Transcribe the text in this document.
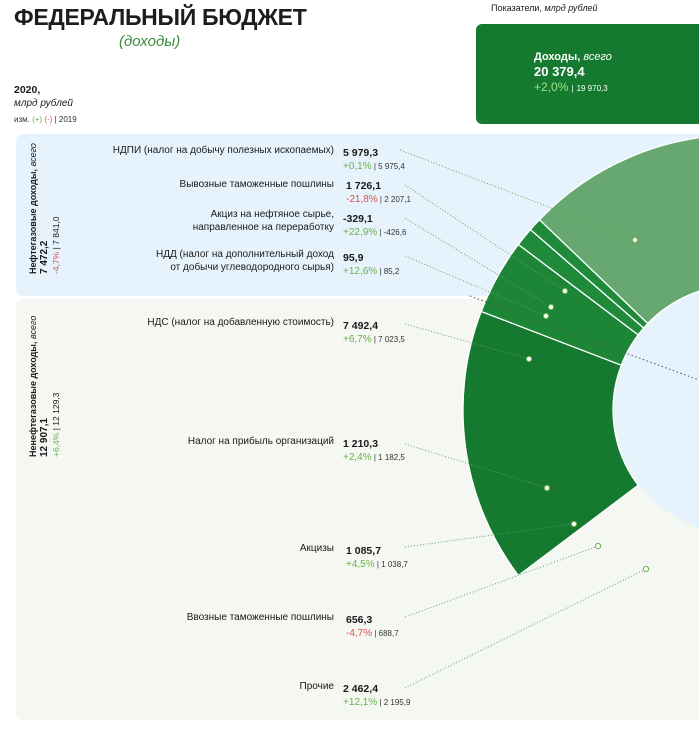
ФЕДЕРАЛЬНЫЙ БЮДЖЕТ
(доходы)
2020,
млрд рублей
изм. (+) (-) | 2019
Показатели, млрд рублей
Доходы, всего
20 379,4
+2,0% | 19 970,3
Нефтегазовые доходы, всего
7 472,2 -4,7% | 7 841,0
Ненефтегазовые доходы, всего
12 907,1 +6,4% | 12 129,3
НДПИ (налог на добычу полезных ископаемых) 5 979,3
+0,1% | 5 975,4
Вывозные таможенные пошлины 1 726,1
-21,8% | 2 207,1
Акциз на нефтяное сырье,
направленное на переработку
-329,1
+22,9% | -426,6
НДД (налог на дополнительный доход
от добычи углеводородного сырья)
95,9
+12,6% | 85,2
НДС (налог на добавленную стоимость) 7 492,4
+6,7% | 7 023,5
Налог на прибыль организаций 1 210,3
+2,4% | 1 182,5
Акцизы 1 085,7
+4,5% | 1 038,7
Ввозные таможенные пошлины 656,3
-4,7% | 688,7
Прочие 2 462,4
+12,1% | 2 195,9
